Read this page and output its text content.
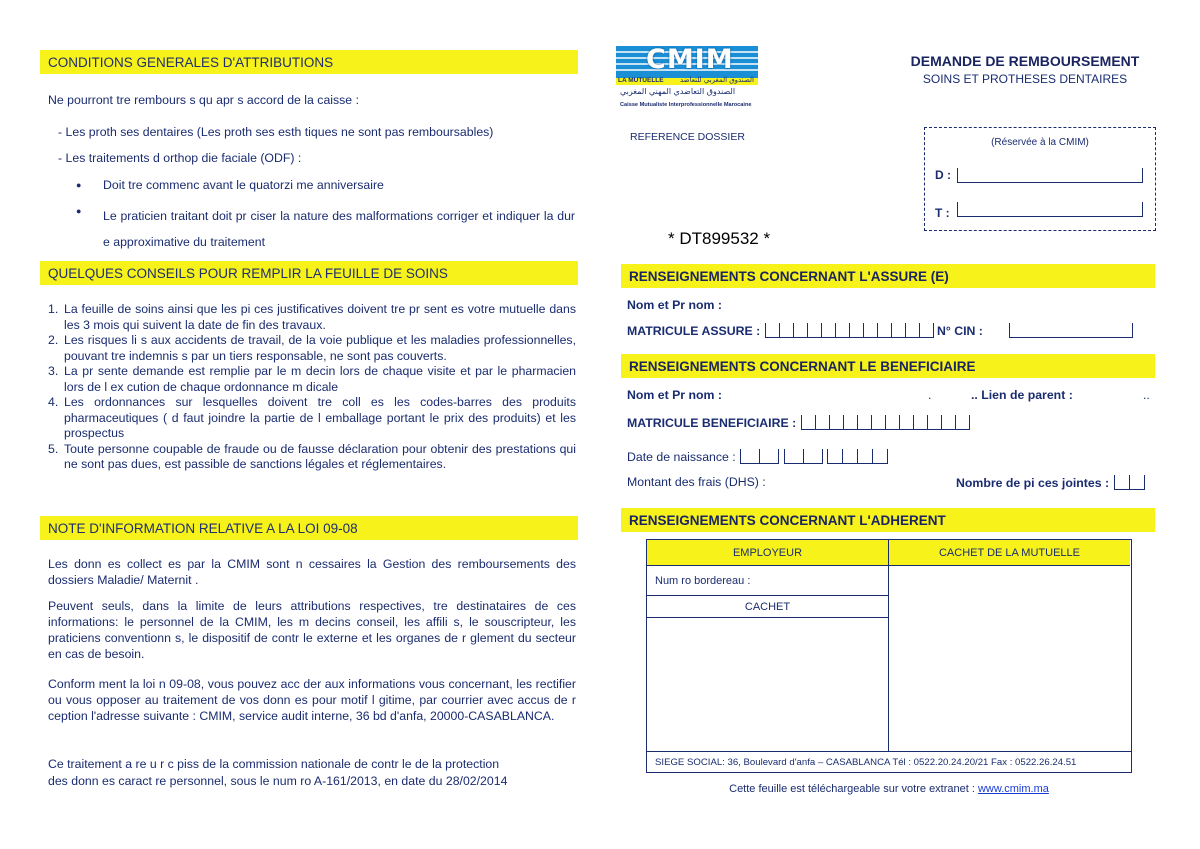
CONDITIONS GENERALES D'ATTRIBUTIONS
Ne pourront tre rembours s qu apr s accord de la caisse :
- Les proth ses dentaires (Les proth ses esth tiques ne sont pas remboursables)
- Les traitements d orthop die faciale (ODF) :
● Doit tre commenc avant le quatorzi me anniversaire
● Le praticien traitant doit pr ciser la nature des malformations corriger et indiquer la dur e approximative du traitement
QUELQUES CONSEILS POUR REMPLIR LA FEUILLE DE SOINS
1. La feuille de soins ainsi que les pi ces justificatives doivent tre pr sent es votre mutuelle dans les 3 mois qui suivent la date de fin des travaux.
2. Les risques li s aux accidents de travail, de la voie publique et les maladies professionnelles, pouvant tre indemnis s par un tiers responsable, ne sont pas couverts.
3. La pr sente demande est remplie par le m decin lors de chaque visite et par le pharmacien lors de l ex cution de chaque ordonnance m dicale
4. Les ordonnances sur lesquelles doivent tre coll es les codes-barres des produits pharmaceutiques ( d faut joindre la partie de l emballage portant le prix des produits) et les prospectus
5. Toute personne coupable de fraude ou de fausse déclaration pour obtenir des prestations qui ne sont pas dues, est passible de sanctions légales et réglementaires.
NOTE D'INFORMATION RELATIVE A LA LOI 09-08
Les donn es collect es par la CMIM sont n cessaires la Gestion des remboursements des dossiers Maladie/ Maternit .
Peuvent seuls, dans la limite de leurs attributions respectives, tre destinataires de ces informations: le personnel de la CMIM, les m decins conseil, les affili s, le souscripteur, les praticiens conventionn s, le dispositif de contr le externe et les organes de r glement du secteur en cas de besoin.
Conform ment la loi n 09-08, vous pouvez acc der aux informations vous concernant, les rectifier ou vous opposer au traitement de vos donn es pour motif l gitime, par courrier avec accus de r ception l'adresse suivante : CMIM, service audit interne, 36 bd d'anfa, 20000-CASABLANCA.
Ce traitement a re u r c piss de la commission nationale de contr le de la protection
des donn es caract re personnel, sous le num ro A-161/2013, en date du 28/02/2014
CMIM
LA MUTUELLE الصندوق المغربي للتعاضد
الصندوق التعاضدي المهني المغربي
Caisse Mutualiste Interprofessionnelle Marocaine
DEMANDE DE REMBOURSEMENT
SOINS ET PROTHESES DENTAIRES
REFERENCE DOSSIER	(Réservée à la CMIM)
D :
T :
* DT899532 *
RENSEIGNEMENTS CONCERNANT L'ASSURE (E)
Nom et Pr nom :
MATRICULE ASSURE :	N° CIN :
RENSEIGNEMENTS CONCERNANT LE BENEFICIAIRE
Nom et Pr nom :	.	.. Lien de parent :	..
MATRICULE BENEFICIAIRE :
Date de naissance :

Montant des frais (DHS) :	Nombre de pi ces jointes :
RENSEIGNEMENTS CONCERNANT L'ADHERENT
EMPLOYEUR	CACHET DE LA MUTUELLE
Num ro bordereau :
CACHET
SIEGE SOCIAL: 36, Boulevard d'anfa – CASABLANCA Tél : 0522.20.24.20/21 Fax : 0522.26.24.51
Cette feuille est téléchargeable sur votre extranet : www.cmim.ma
